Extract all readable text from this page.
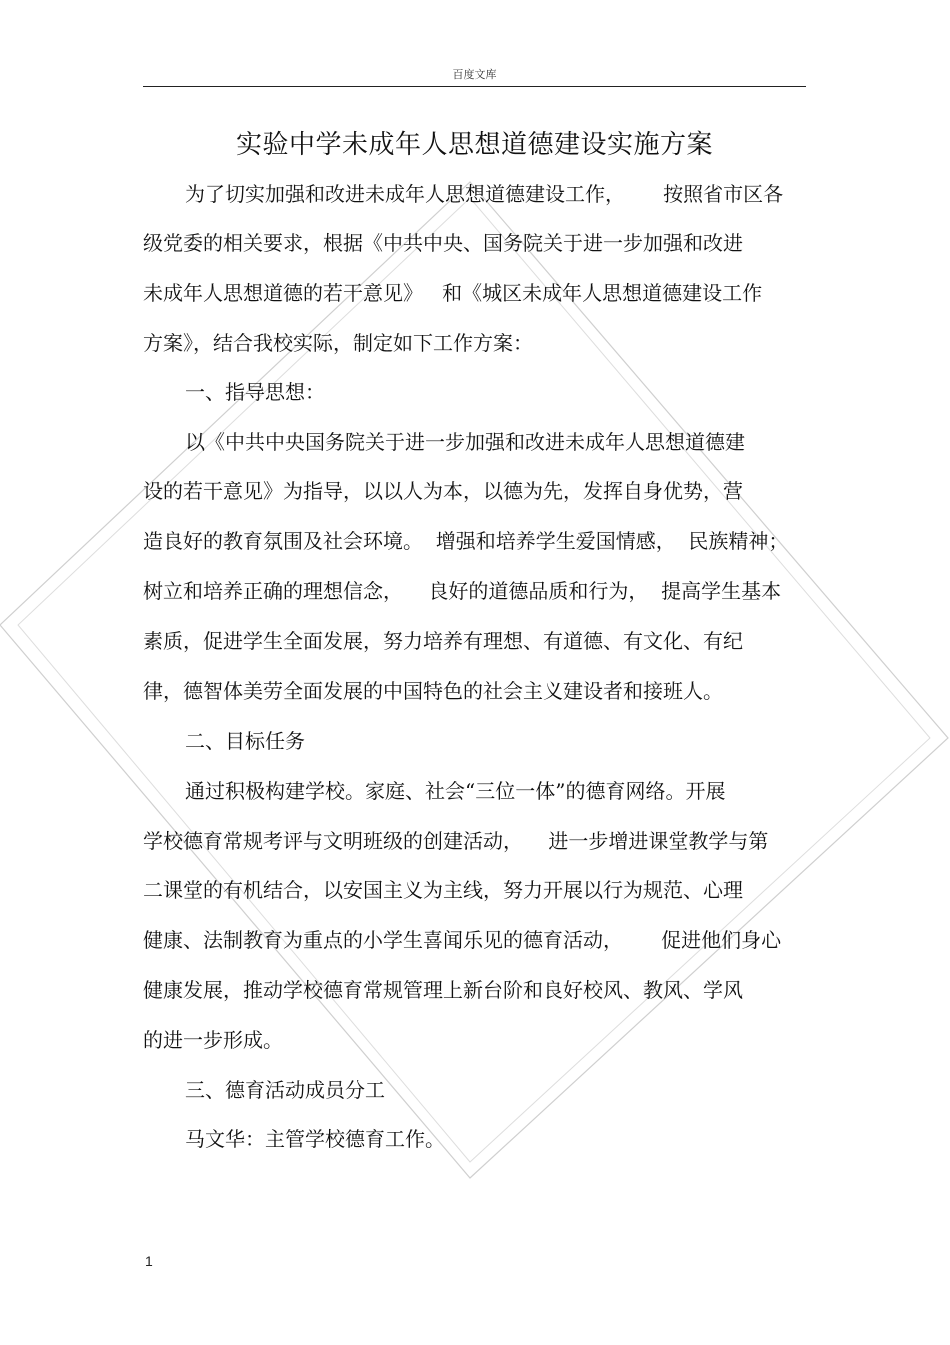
百度文库
实验中学未成年人思想道德建设实施方案
为了切实加强和改进未成年人思想道德建设工作，      按照省市区各
级党委的相关要求，根据《中共中央、国务院关于进一步加强和改进
未成年人思想道德的若干意见》   和《城区未成年人思想道德建设工作
方案》，结合我校实际，制定如下工作方案：
一、指导思想：
以《中共中央国务院关于进一步加强和改进未成年人思想道德建
设的若干意见》为指导，以以人为本，以德为先，发挥自身优势，营
造良好的教育氛围及社会环境。  增强和培养学生爱国情感，  民族精神；
树立和培养正确的理想信念，    良好的道德品质和行为，  提高学生基本
素质，促进学生全面发展，努力培养有理想、有道德、有文化、有纪
律，德智体美劳全面发展的中国特色的社会主义建设者和接班人。
二、目标任务
通过积极构建学校。家庭、社会“三位一体”的德育网络。开展
学校德育常规考评与文明班级的创建活动，    进一步增进课堂教学与第
二课堂的有机结合，以安国主义为主线，努力开展以行为规范、心理
健康、法制教育为重点的小学生喜闻乐见的德育活动，      促进他们身心
健康发展，推动学校德育常规管理上新台阶和良好校风、教风、学风
的进一步形成。
三、德育活动成员分工
马文华：主管学校德育工作。
1
